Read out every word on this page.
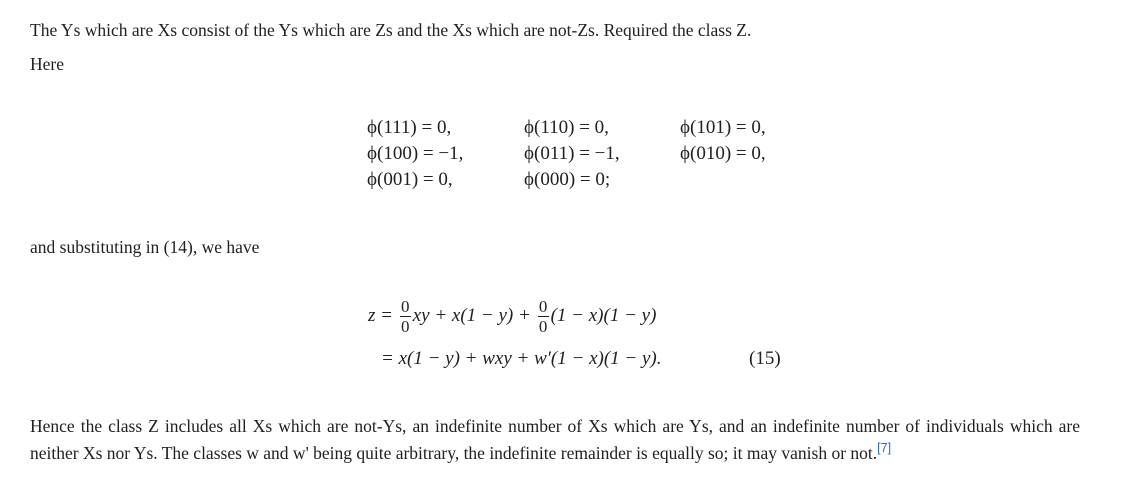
The Ys which are Xs consist of the Ys which are Zs and the Xs which are not-Zs. Required the class Z.

Here

ϕ(111) = 0,	ϕ(110) = 0,	ϕ(101) = 0,
ϕ(100) = −1,	ϕ(011) = −1,	ϕ(010) = 0,
ϕ(001) = 0,	ϕ(000) = 0;

and substituting in (14), we have

$z = \frac{0}{0}$ xy + $x(1 - y) + \frac{0}{0} (1 - x)(1 - y)$
= x(1 − y) + wxy + w′(1 − x)(1 − y).	(15)

Hence the class Z includes all Xs which are not-Ys, an indefinite number of Xs which are Ys, and an indefinite number of individuals which are neither Xs nor Ys. The classes w and w' being quite arbitrary, the indefinite remainder is equally so; it may vanish or not.[7]
